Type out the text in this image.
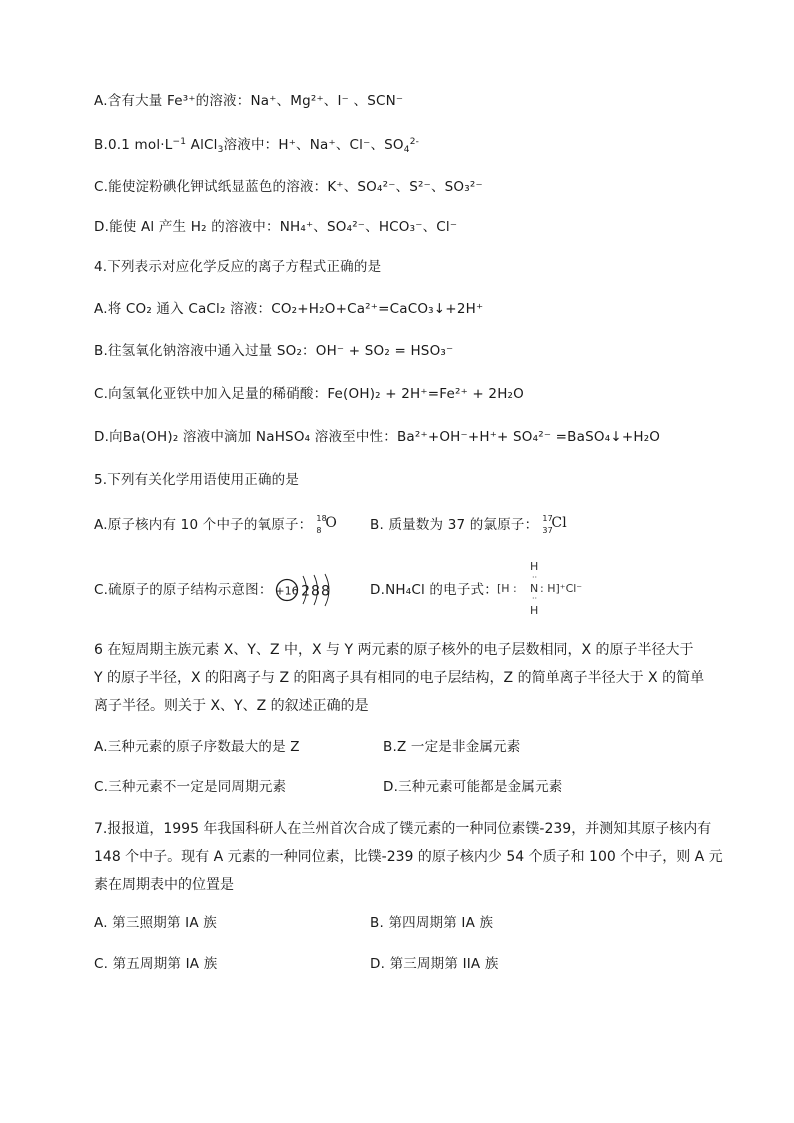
A.含有大量 Fe³⁺的溶液：Na⁺、Mg²⁺、I⁻ 、SCN⁻
B.0.1 $mol\cdot L^{-1}$ AlCl$_3$溶液中：H⁺、Na⁺、Cl⁻、$SO_4^{2-}$
C.能使淀粉碘化钾试纸显蓝色的溶液：K⁺、SO₄²⁻、S²⁻、SO₃²⁻
D.能使 Al 产生 H₂ 的溶液中：NH₄⁺、SO₄²⁻、HCO₃⁻、Cl⁻
4.下列表示对应化学反应的离子方程式正确的是
A.将 CO₂ 通入 CaCl₂ 溶液：CO₂+H₂O+Ca²⁺=CaCO₃↓+2H⁺
B.往氢氧化钠溶液中通入过量 SO₂：OH⁻ + SO₂ = HSO₃⁻
C.向氢氧化亚铁中加入足量的稀硝酸：Fe(OH)₂ + 2H⁺=Fe²⁺ + 2H₂O
D.向Ba(OH)₂ 溶液中滴加 NaHSO₄ 溶液至中性：Ba²⁺+OH⁻+H⁺+ SO₄²⁻ =BaSO₄↓+H₂O
5.下列有关化学用语使用正确的是
A.原子核内有 10 个中子的氧原子： 18
8 O B. 质量数为 37 的氯原子： 17
37
Cl
C.硫原子的原子结构示意图： +16 288	D.NH₄Cl 的电子式：
H
··
[H : N : H]⁺Cl⁻
··
H
6 在短周期主族元素 X、Y、Z 中，X 与 Y 两元素的原子核外的电子层数相同，X 的原子半径大于
Y 的原子半径，X 的阳离子与 Z 的阳离子具有相同的电子层结构，Z 的简单离子半径大于 X 的简单
离子半径。则关于 X、Y、Z 的叙述正确的是
A.三种元素的原子序数最大的是 Z	B.Z 一定是非金属元素
C.三种元素不一定是同周期元素	D.三种元素可能都是金属元素
7.报报道，1995 年我国科研人在兰州首次合成了镤元素的一种同位素镤-239，并测知其原子核内有
148 个中子。现有 A 元素的一种同位素，比镤-239 的原子核内少 54 个质子和 100 个中子，则 A 元
素在周期表中的位置是
A. 第三照期第 IA 族	B. 第四周期第 IA 族
C. 第五周期第 IA 族	D. 第三周期第 IIA 族
